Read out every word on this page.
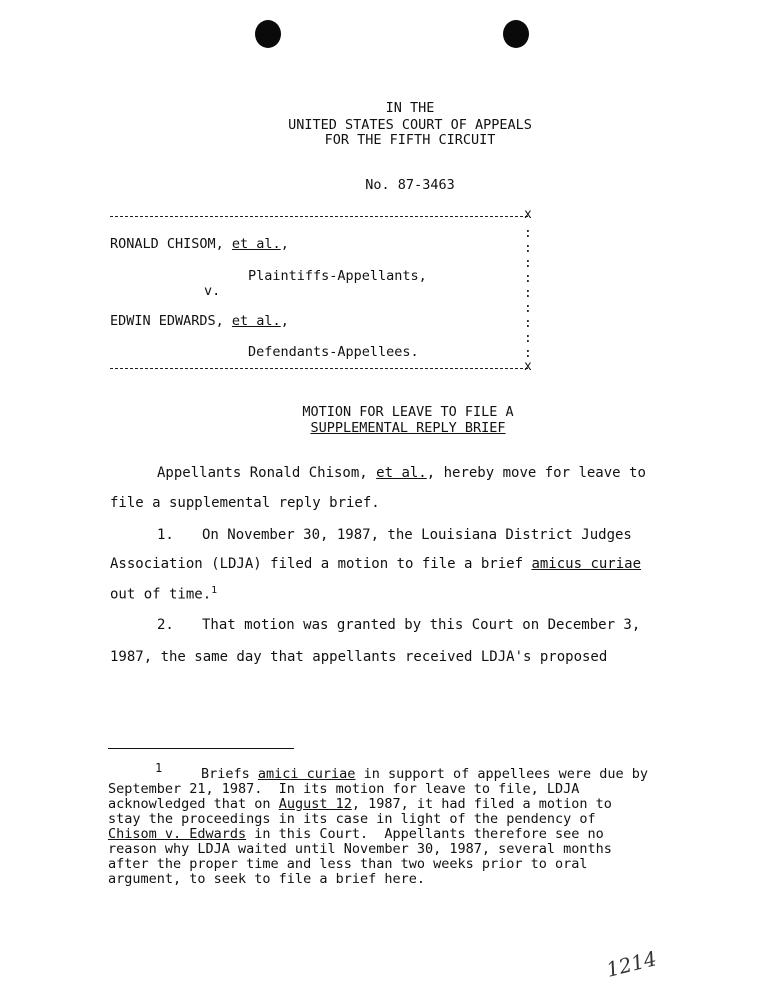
IN THE
UNITED STATES COURT OF APPEALS
FOR THE FIFTH CIRCUIT
No. 87-3463
x
:
:
:
:
:
:
:
:
:
RONALD CHISOM, et al.,
Plaintiffs-Appellants,
v.
EDWIN EDWARDS, et al.,
Defendants-Appellees.
x
MOTION FOR LEAVE TO FILE A
SUPPLEMENTAL REPLY BRIEF
Appellants Ronald Chisom, et al., hereby move for leave to
file a supplemental reply brief.
1. On November 30, 1987, the Louisiana District Judges
Association (LDJA) filed a motion to file a brief amicus curiae
out of time.$^1$
2. That motion was granted by this Court on December 3,
1987, the same day that appellants received LDJA's proposed
1	Briefs amici curiae in support of appellees were due by
September 21, 1987.  In its motion for leave to file, LDJA
acknowledged that on August 12, 1987, it had filed a motion to
stay the proceedings in its case in light of the pendency of
Chisom v. Edwards in this Court.  Appellants therefore see no
reason why LDJA waited until November 30, 1987, several months
after the proper time and less than two weeks prior to oral
argument, to seek to file a brief here.
1214
